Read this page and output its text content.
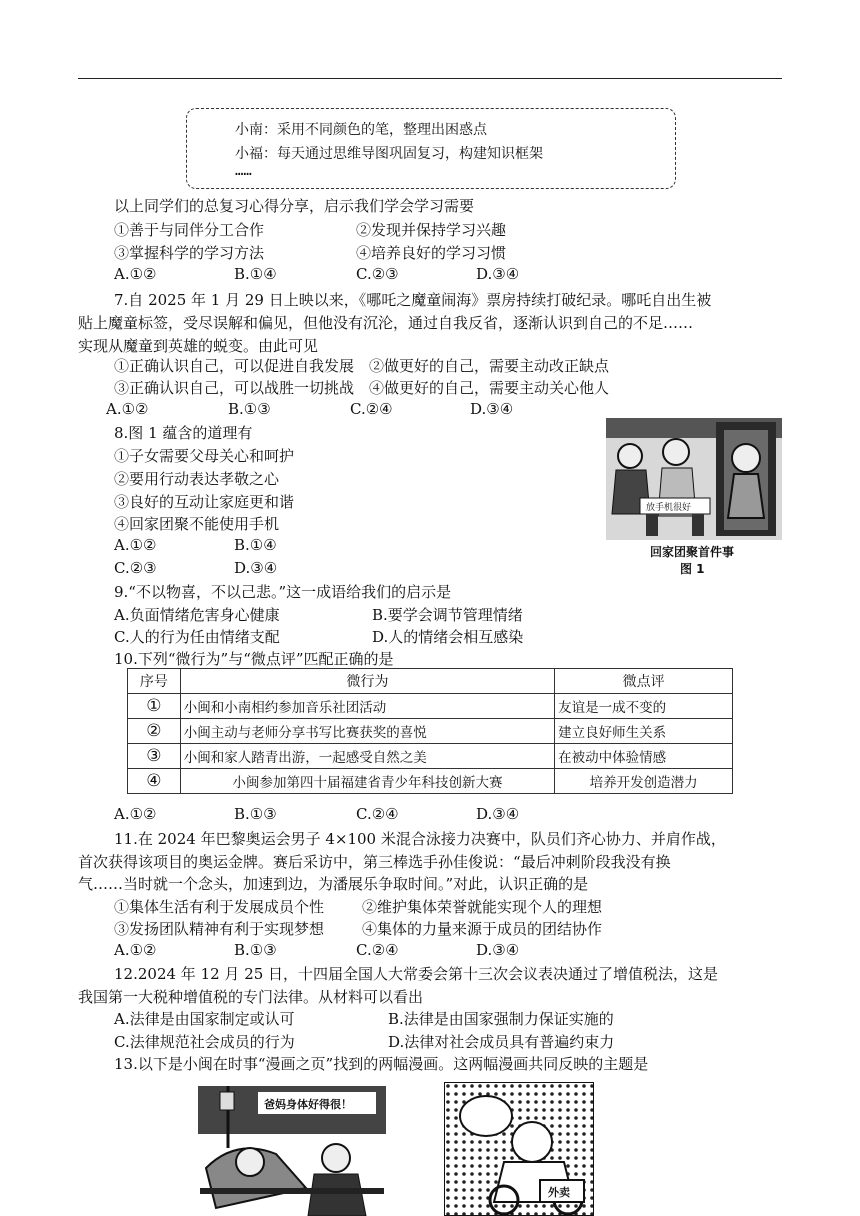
小南：采用不同颜色的笔，整理出困惑点
小福：每天通过思维导图巩固复习，构建知识框架
……
以上同学们的总复习心得分享，启示我们学会学习需要
①善于与同伴分工合作	②发现并保持学习兴趣
③掌握科学的学习方法	④培养良好的学习习惯
A.①②	B.①④	C.②③	D.③④
7.自 2025 年 1 月 29 日上映以来，《哪吒之魔童闹海》票房持续打破纪录。哪吒自出生被
贴上魔童标签，受尽误解和偏见，但他没有沉沦，通过自我反省，逐渐认识到自己的不足……
实现从魔童到英雄的蜕变。由此可见
①正确认识自己，可以促进自我发展　②做更好的自己，需要主动改正缺点
③正确认识自己，可以战胜一切挑战　④做更好的自己，需要主动关心他人
A.①②	B.①③	C.②④	D.③④
8.图 1 蕴含的道理有
①子女需要父母关心和呵护
②要用行动表达孝敬之心
③良好的互动让家庭更和谐
④回家团聚不能使用手机
A.①②	B.①④
C.②③	D.③④
放手机很好
回家团聚首件事
图 1
9.“不以物喜，不以己悲。”这一成语给我们的启示是
A.负面情绪危害身心健康	B.要学会调节管理情绪
C.人的行为任由情绪支配	D.人的情绪会相互感染
10.下列“微行为”与“微点评”匹配正确的是
序号	微行为	微点评
①	小闽和小南相约参加音乐社团活动	友谊是一成不变的
②	小闽主动与老师分享书写比赛获奖的喜悦	建立良好师生关系
③	小闽和家人踏青出游，一起感受自然之美	在被动中体验情感
④	小闽参加第四十届福建省青少年科技创新大赛	培养开发创造潜力
A.①②	B.①③	C.②④	D.③④
11.在 2024 年巴黎奥运会男子 4×100 米混合泳接力决赛中，队员们齐心协力、并肩作战，
首次获得该项目的奥运金牌。赛后采访中，第三棒选手孙佳俊说：“最后冲刺阶段我没有换
气……当时就一个念头，加速到边，为潘展乐争取时间。”对此，认识正确的是
①集体生活有利于发展成员个性	②维护集体荣誉就能实现个人的理想
③发扬团队精神有利于实现梦想	④集体的力量来源于成员的团结协作
A.①②	B.①③	C.②④	D.③④
12.2024 年 12 月 25 日，十四届全国人大常委会第十三次会议表决通过了增值税法，这是
我国第一大税种增值税的专门法律。从材料可以看出
A.法律是由国家制定或认可	B.法律是由国家强制力保证实施的
C.法律规范社会成员的行为	D.法律对社会成员具有普遍约束力
13.以下是小闽在时事“漫画之页”找到的两幅漫画。这两幅漫画共同反映的主题是
爸妈身体好得很！
外卖
